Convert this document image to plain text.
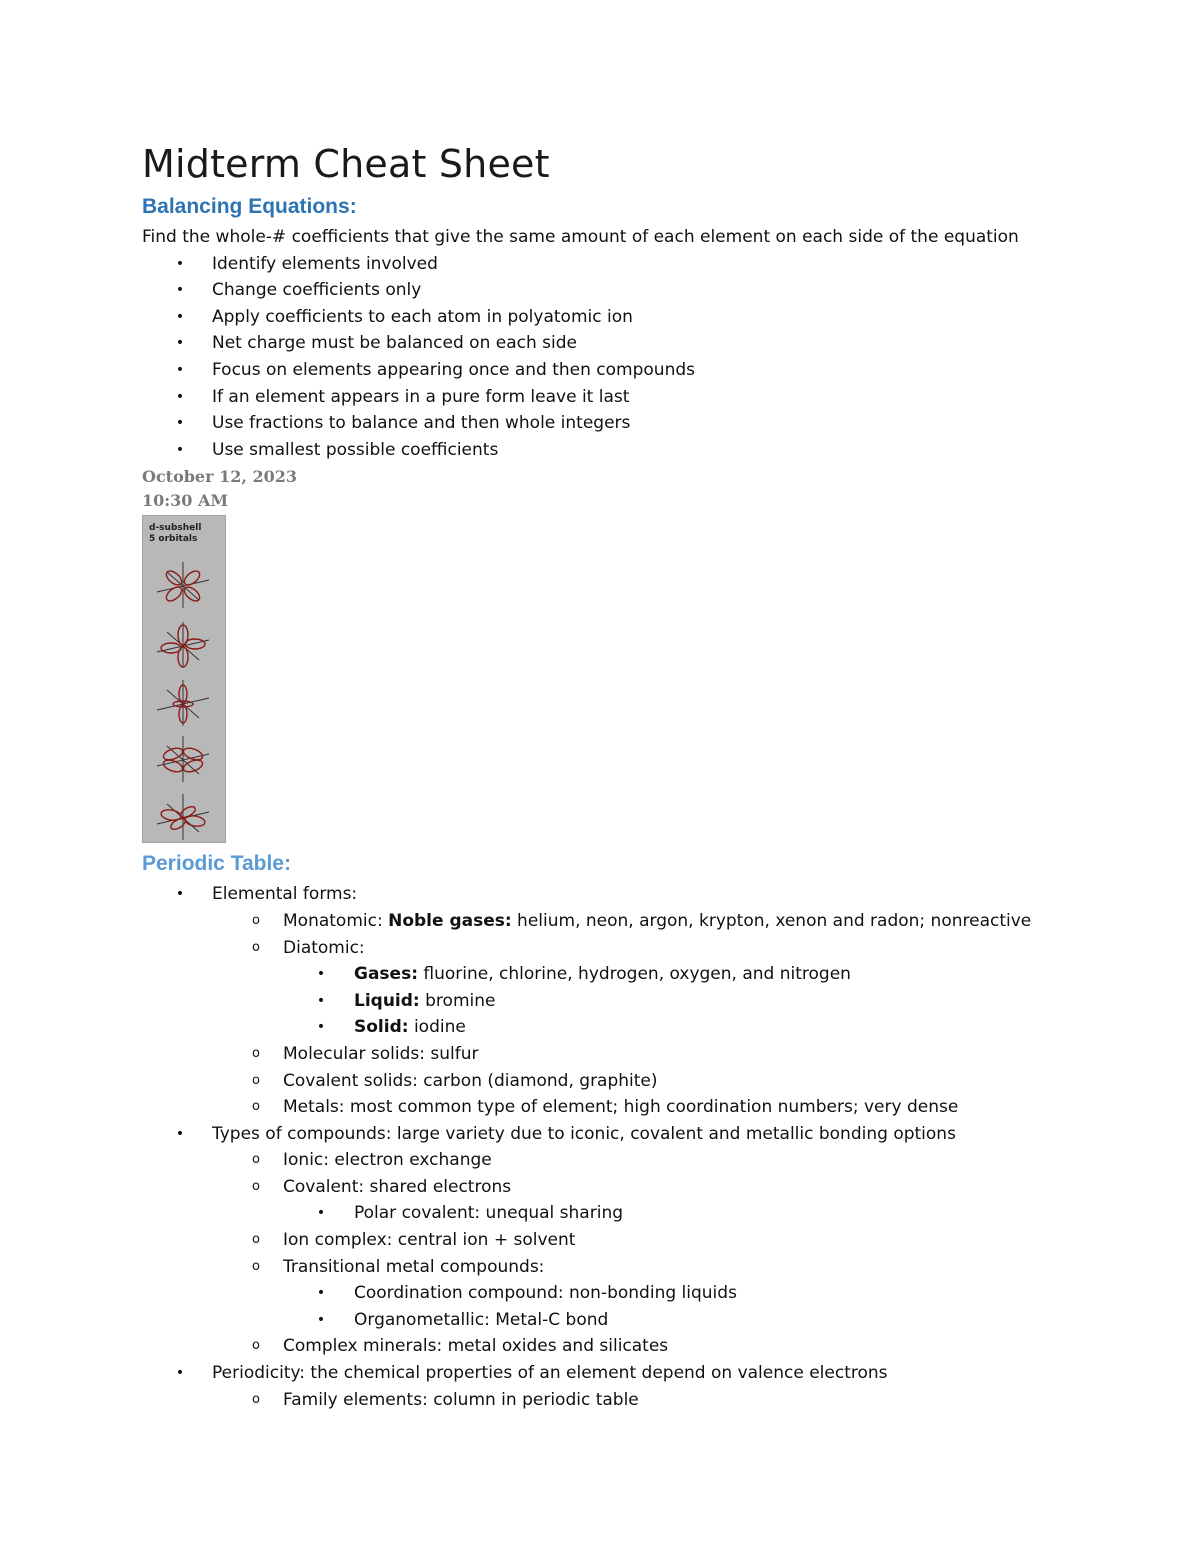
Midterm Cheat Sheet
Balancing Equations:

Find the whole-# coefficients that give the same amount of each element on each side of the equation

•	Identify elements involved
•	Change coefficients only
•	Apply coefficients to each atom in polyatomic ion
•	Net charge must be balanced on each side
•	Focus on elements appearing once and then compounds
•	If an element appears in a pure form leave it last
•	Use fractions to balance and then whole integers
•	Use smallest possible coefficients

October 12, 2023

10:30 AM

d-subshell
5 orbitals
Periodic Table:
•	Elemental forms:
o	Monatomic: Noble gases: helium, neon, argon, krypton, xenon and radon; nonreactive
o	Diatomic:
•	Gases: fluorine, chlorine, hydrogen, oxygen, and nitrogen
•	Liquid: bromine
•	Solid: iodine
o	Molecular solids: sulfur
o	Covalent solids: carbon (diamond, graphite)
o	Metals: most common type of element; high coordination numbers; very dense
•	Types of compounds: large variety due to iconic, covalent and metallic bonding options
o	Ionic: electron exchange
o	Covalent: shared electrons
•	Polar covalent: unequal sharing
o	Ion complex: central ion + solvent
o	Transitional metal compounds:
•	Coordination compound: non-bonding liquids
•	Organometallic: Metal-C bond
o	Complex minerals: metal oxides and silicates
•	Periodicity: the chemical properties of an element depend on valence electrons
o	Family elements: column in periodic table
